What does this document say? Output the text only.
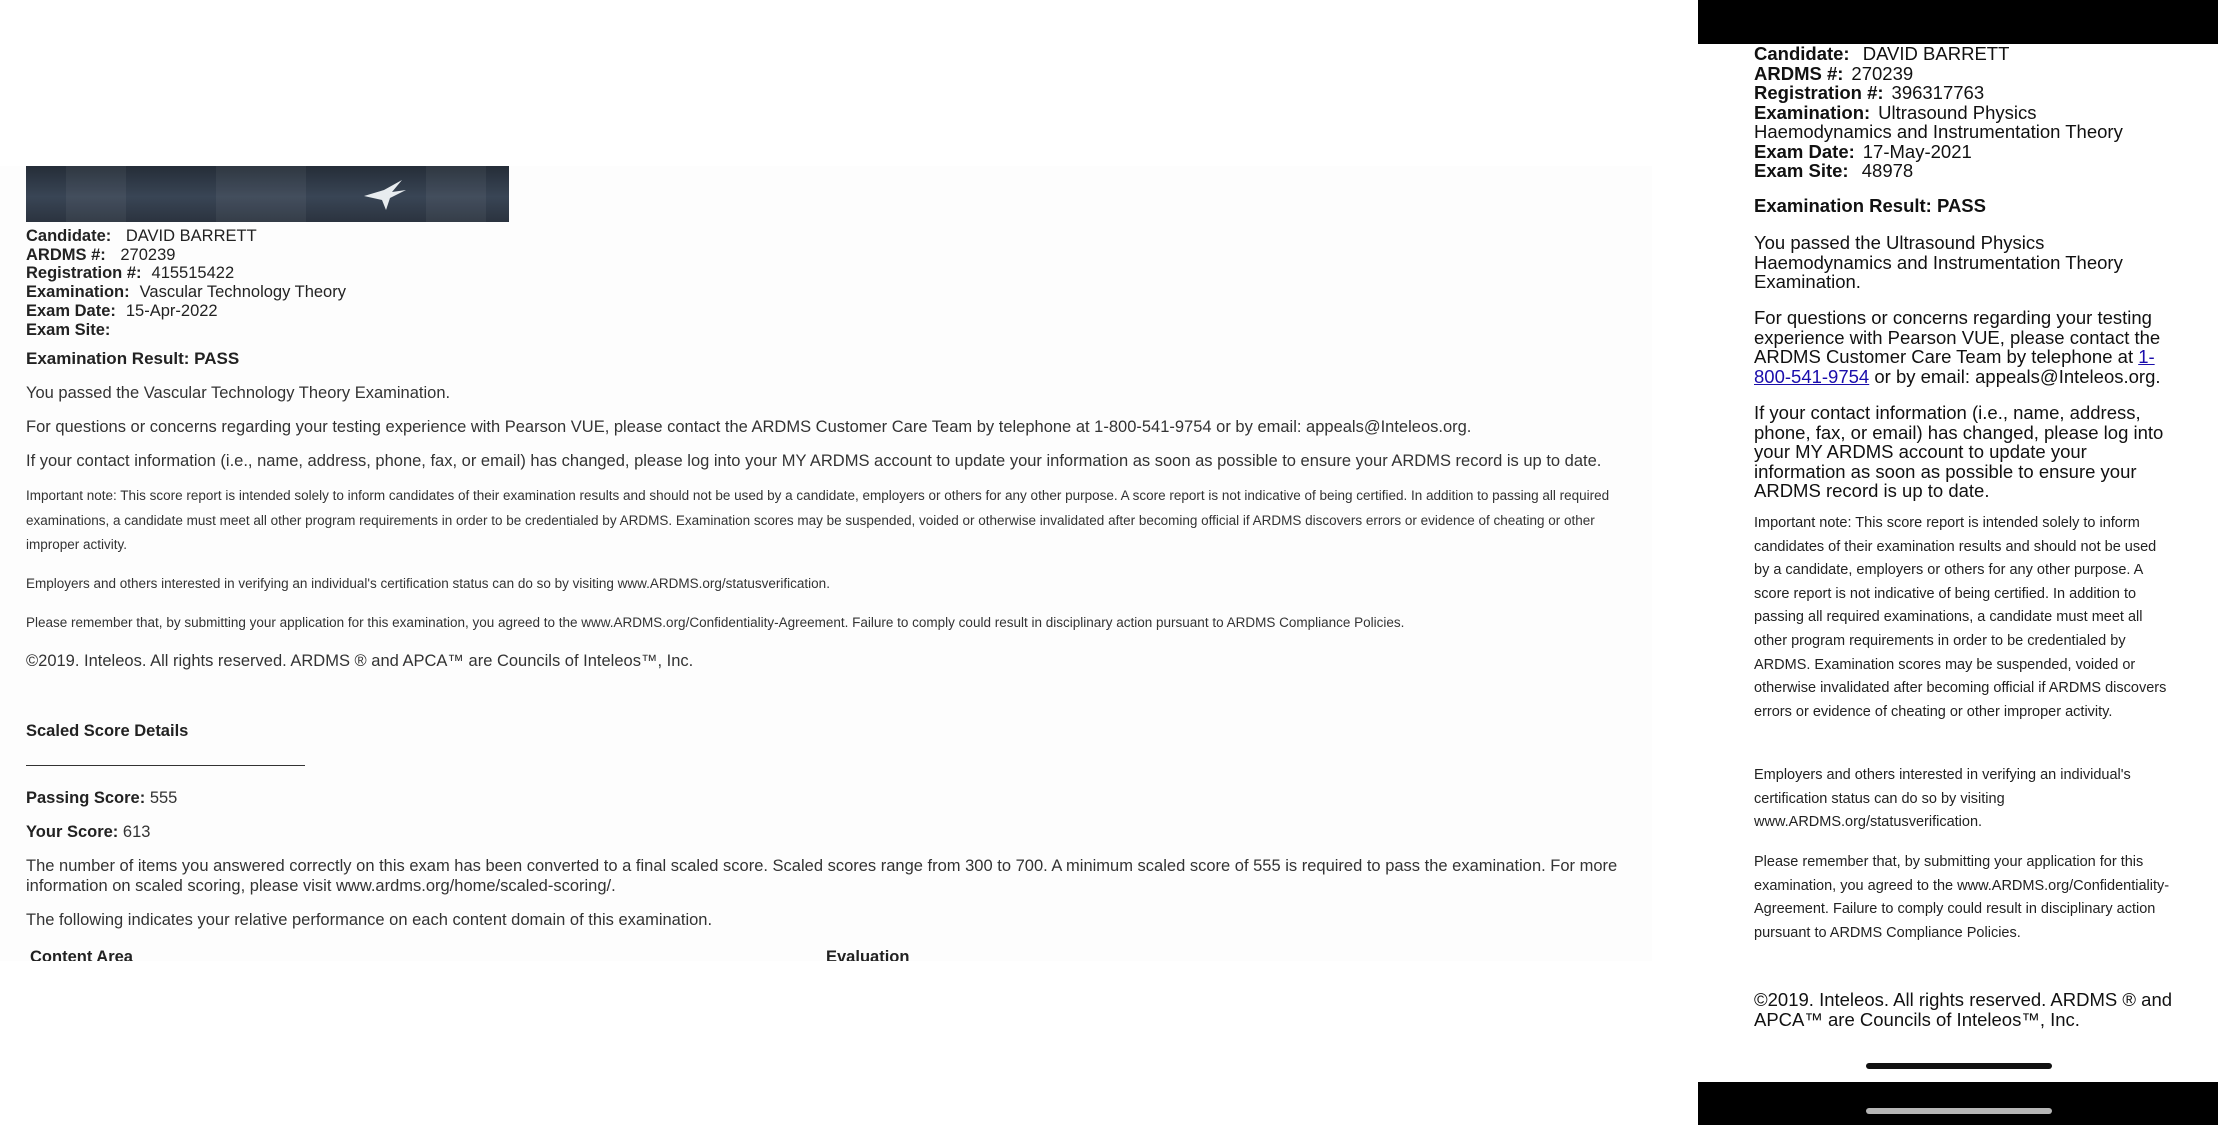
Candidate: DAVID BARRETT
ARDMS #: 270239
Registration #: 415515422
Examination: Vascular Technology Theory
Exam Date: 15-Apr-2022
Exam Site:
Examination Result: PASS
You passed the Vascular Technology Theory Examination.
For questions or concerns regarding your testing experience with Pearson VUE, please contact the ARDMS Customer Care Team by telephone at 1-800-541-9754 or by email: appeals@Inteleos.org.
If your contact information (i.e., name, address, phone, fax, or email) has changed, please log into your MY ARDMS account to update your information as soon as possible to ensure your ARDMS record is up to date.
Important note: This score report is intended solely to inform candidates of their examination results and should not be used by a candidate, employers or others for any other purpose. A score report is not indicative of being certified. In addition to passing all required examinations, a candidate must meet all other program requirements in order to be credentialed by ARDMS. Examination scores may be suspended, voided or otherwise invalidated after becoming official if ARDMS discovers errors or evidence of cheating or other improper activity.
Employers and others interested in verifying an individual's certification status can do so by visiting www.ARDMS.org/statusverification.
Please remember that, by submitting your application for this examination, you agreed to the www.ARDMS.org/Confidentiality-Agreement. Failure to comply could result in disciplinary action pursuant to ARDMS Compliance Policies.
©2019. Inteleos. All rights reserved. ARDMS ® and APCA™ are Councils of Inteleos™, Inc.
Scaled Score Details
Passing Score: 555
Your Score: 613
The number of items you answered correctly on this exam has been converted to a final scaled score. Scaled scores range from 300 to 700. A minimum scaled score of 555 is required to pass the examination. For more information on scaled scoring, please visit www.ardms.org/home/scaled-scoring/.
The following indicates your relative performance on each content domain of this examination.
Content Area	Evaluation
Candidate: DAVID BARRETT
ARDMS #: 270239
Registration #: 396317763
Examination: Ultrasound Physics
Haemodynamics and Instrumentation Theory
Exam Date: 17-May-2021
Exam Site: 48978
Examination Result: PASS
You passed the Ultrasound Physics Haemodynamics and Instrumentation Theory Examination.
For questions or concerns regarding your testing experience with Pearson VUE, please contact the ARDMS Customer Care Team by telephone at 1-800-541-9754 or by email: appeals@Inteleos.org.
If your contact information (i.e., name, address, phone, fax, or email) has changed, please log into your MY ARDMS account to update your information as soon as possible to ensure your ARDMS record is up to date.
Important note: This score report is intended solely to inform candidates of their examination results and should not be used by a candidate, employers or others for any other purpose. A score report is not indicative of being certified. In addition to passing all required examinations, a candidate must meet all other program requirements in order to be credentialed by ARDMS. Examination scores may be suspended, voided or otherwise invalidated after becoming official if ARDMS discovers errors or evidence of cheating or other improper activity.
Employers and others interested in verifying an individual's certification status can do so by visiting www.ARDMS.org/statusverification.
Please remember that, by submitting your application for this examination, you agreed to the www.ARDMS.org/Confidentiality-Agreement. Failure to comply could result in disciplinary action pursuant to ARDMS Compliance Policies.
©2019. Inteleos. All rights reserved. ARDMS ® and APCA™ are Councils of Inteleos™, Inc.
